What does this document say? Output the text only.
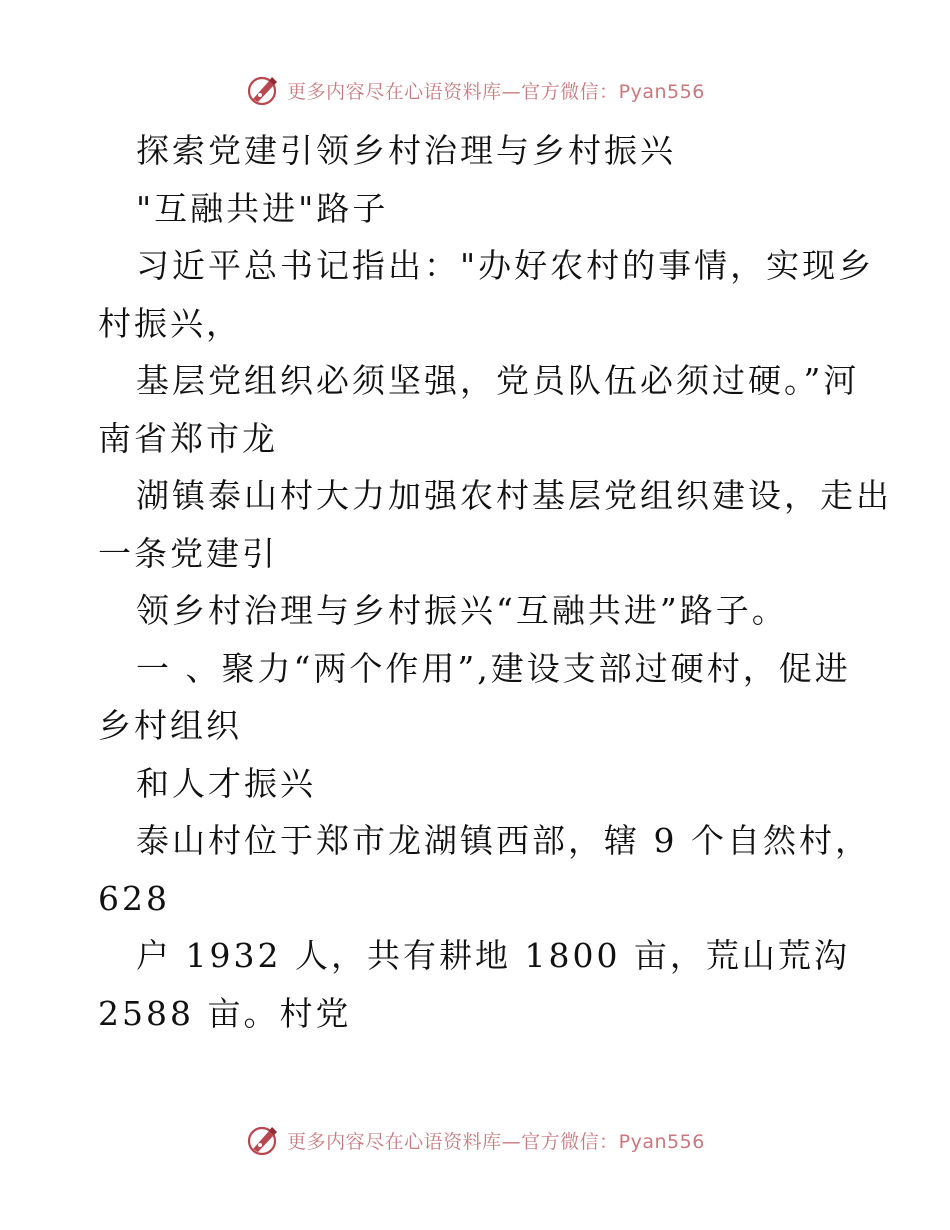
更多内容尽在心语资料库—官方微信：Pyan556
探索党建引领乡村治理与乡村振兴
"互融共进"路子
习近平总书记指出："办好农村的事情，实现乡
村振兴，
基层党组织必须坚强，党员队伍必须过硬。”河
南省郑市龙
湖镇泰山村大力加强农村基层党组织建设，走出
一条党建引
领乡村治理与乡村振兴“互融共进”路子。
一 、聚力“两个作用”,建设支部过硬村，促进
乡村组织
和人才振兴
泰山村位于郑市龙湖镇西部，辖 9 个自然村，
628
户 1932 人，共有耕地 1800 亩，荒山荒沟
2588 亩。村党
更多内容尽在心语资料库—官方微信：Pyan556
